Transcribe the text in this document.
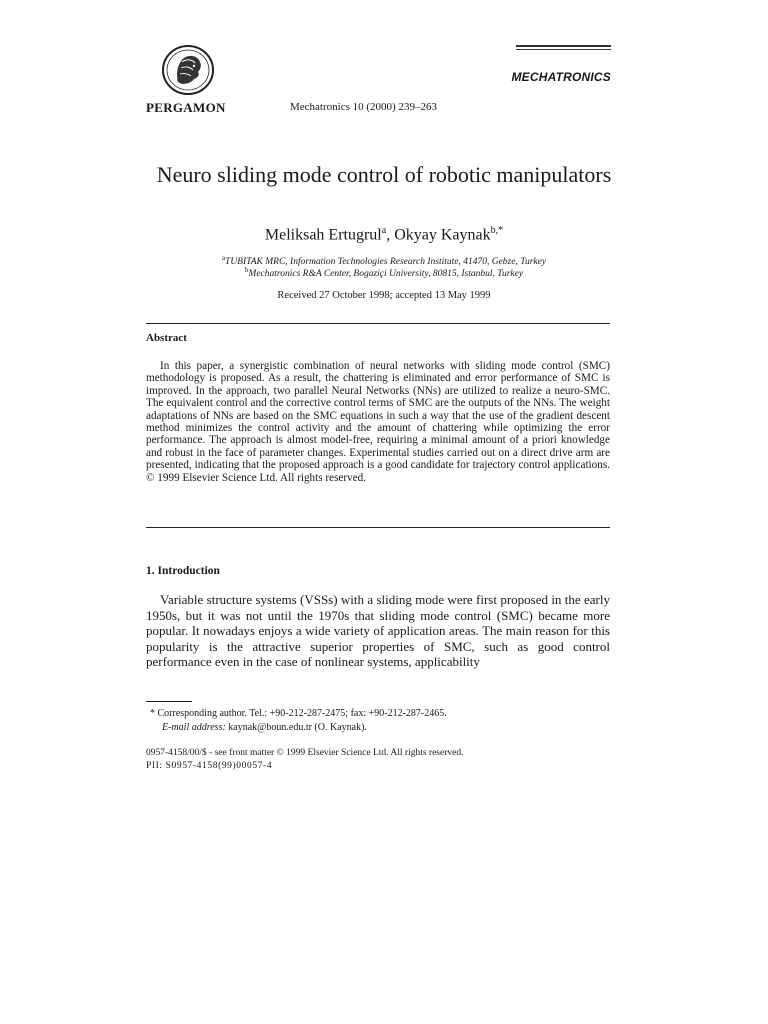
PERGAMON	Mechatronics 10 (2000) 239–263
MECHATRONICS
Neuro sliding mode control of robotic manipulators
Meliksah Ertugrul$^a$, Okyay Kaynak$^{b,*}$
$^a$TUBITAK MRC, Information Technologies Research Institute, 41470, Gebze, Turkey
$^b$Mechatronics R&A Center, Bogaziçi University, 80815, Istanbul, Turkey
Received 27 October 1998; accepted 13 May 1999
Abstract

In this paper, a synergistic combination of neural networks with sliding mode control (SMC) methodology is proposed. As a result, the chattering is eliminated and error performance of SMC is improved. In the approach, two parallel Neural Networks (NNs) are utilized to realize a neuro-SMC. The equivalent control and the corrective control terms of SMC are the outputs of the NNs. The weight adaptations of NNs are based on the SMC equations in such a way that the use of the gradient descent method minimizes the control activity and the amount of chattering while optimizing the error performance. The approach is almost model-free, requiring a minimal amount of a priori knowledge and robust in the face of parameter changes. Experimental studies carried out on a direct drive arm are presented, indicating that the proposed approach is a good candidate for trajectory control applications. © 1999 Elsevier Science Ltd. All rights reserved.

1. Introduction

Variable structure systems (VSSs) with a sliding mode were first proposed in the early 1950s, but it was not until the 1970s that sliding mode control (SMC) became more popular. It nowadays enjoys a wide variety of application areas. The main reason for this popularity is the attractive superior properties of SMC, such as good control performance even in the case of nonlinear systems, applicability

* Corresponding author. Tel.: +90-212-287-2475; fax: +90-212-287-2465.
E-mail address: kaynak@boun.edu.tr (O. Kaynak).
0957-4158/00/$ - see front matter © 1999 Elsevier Science Ltd. All rights reserved.
PII: S0957-4158(99)00057-4
